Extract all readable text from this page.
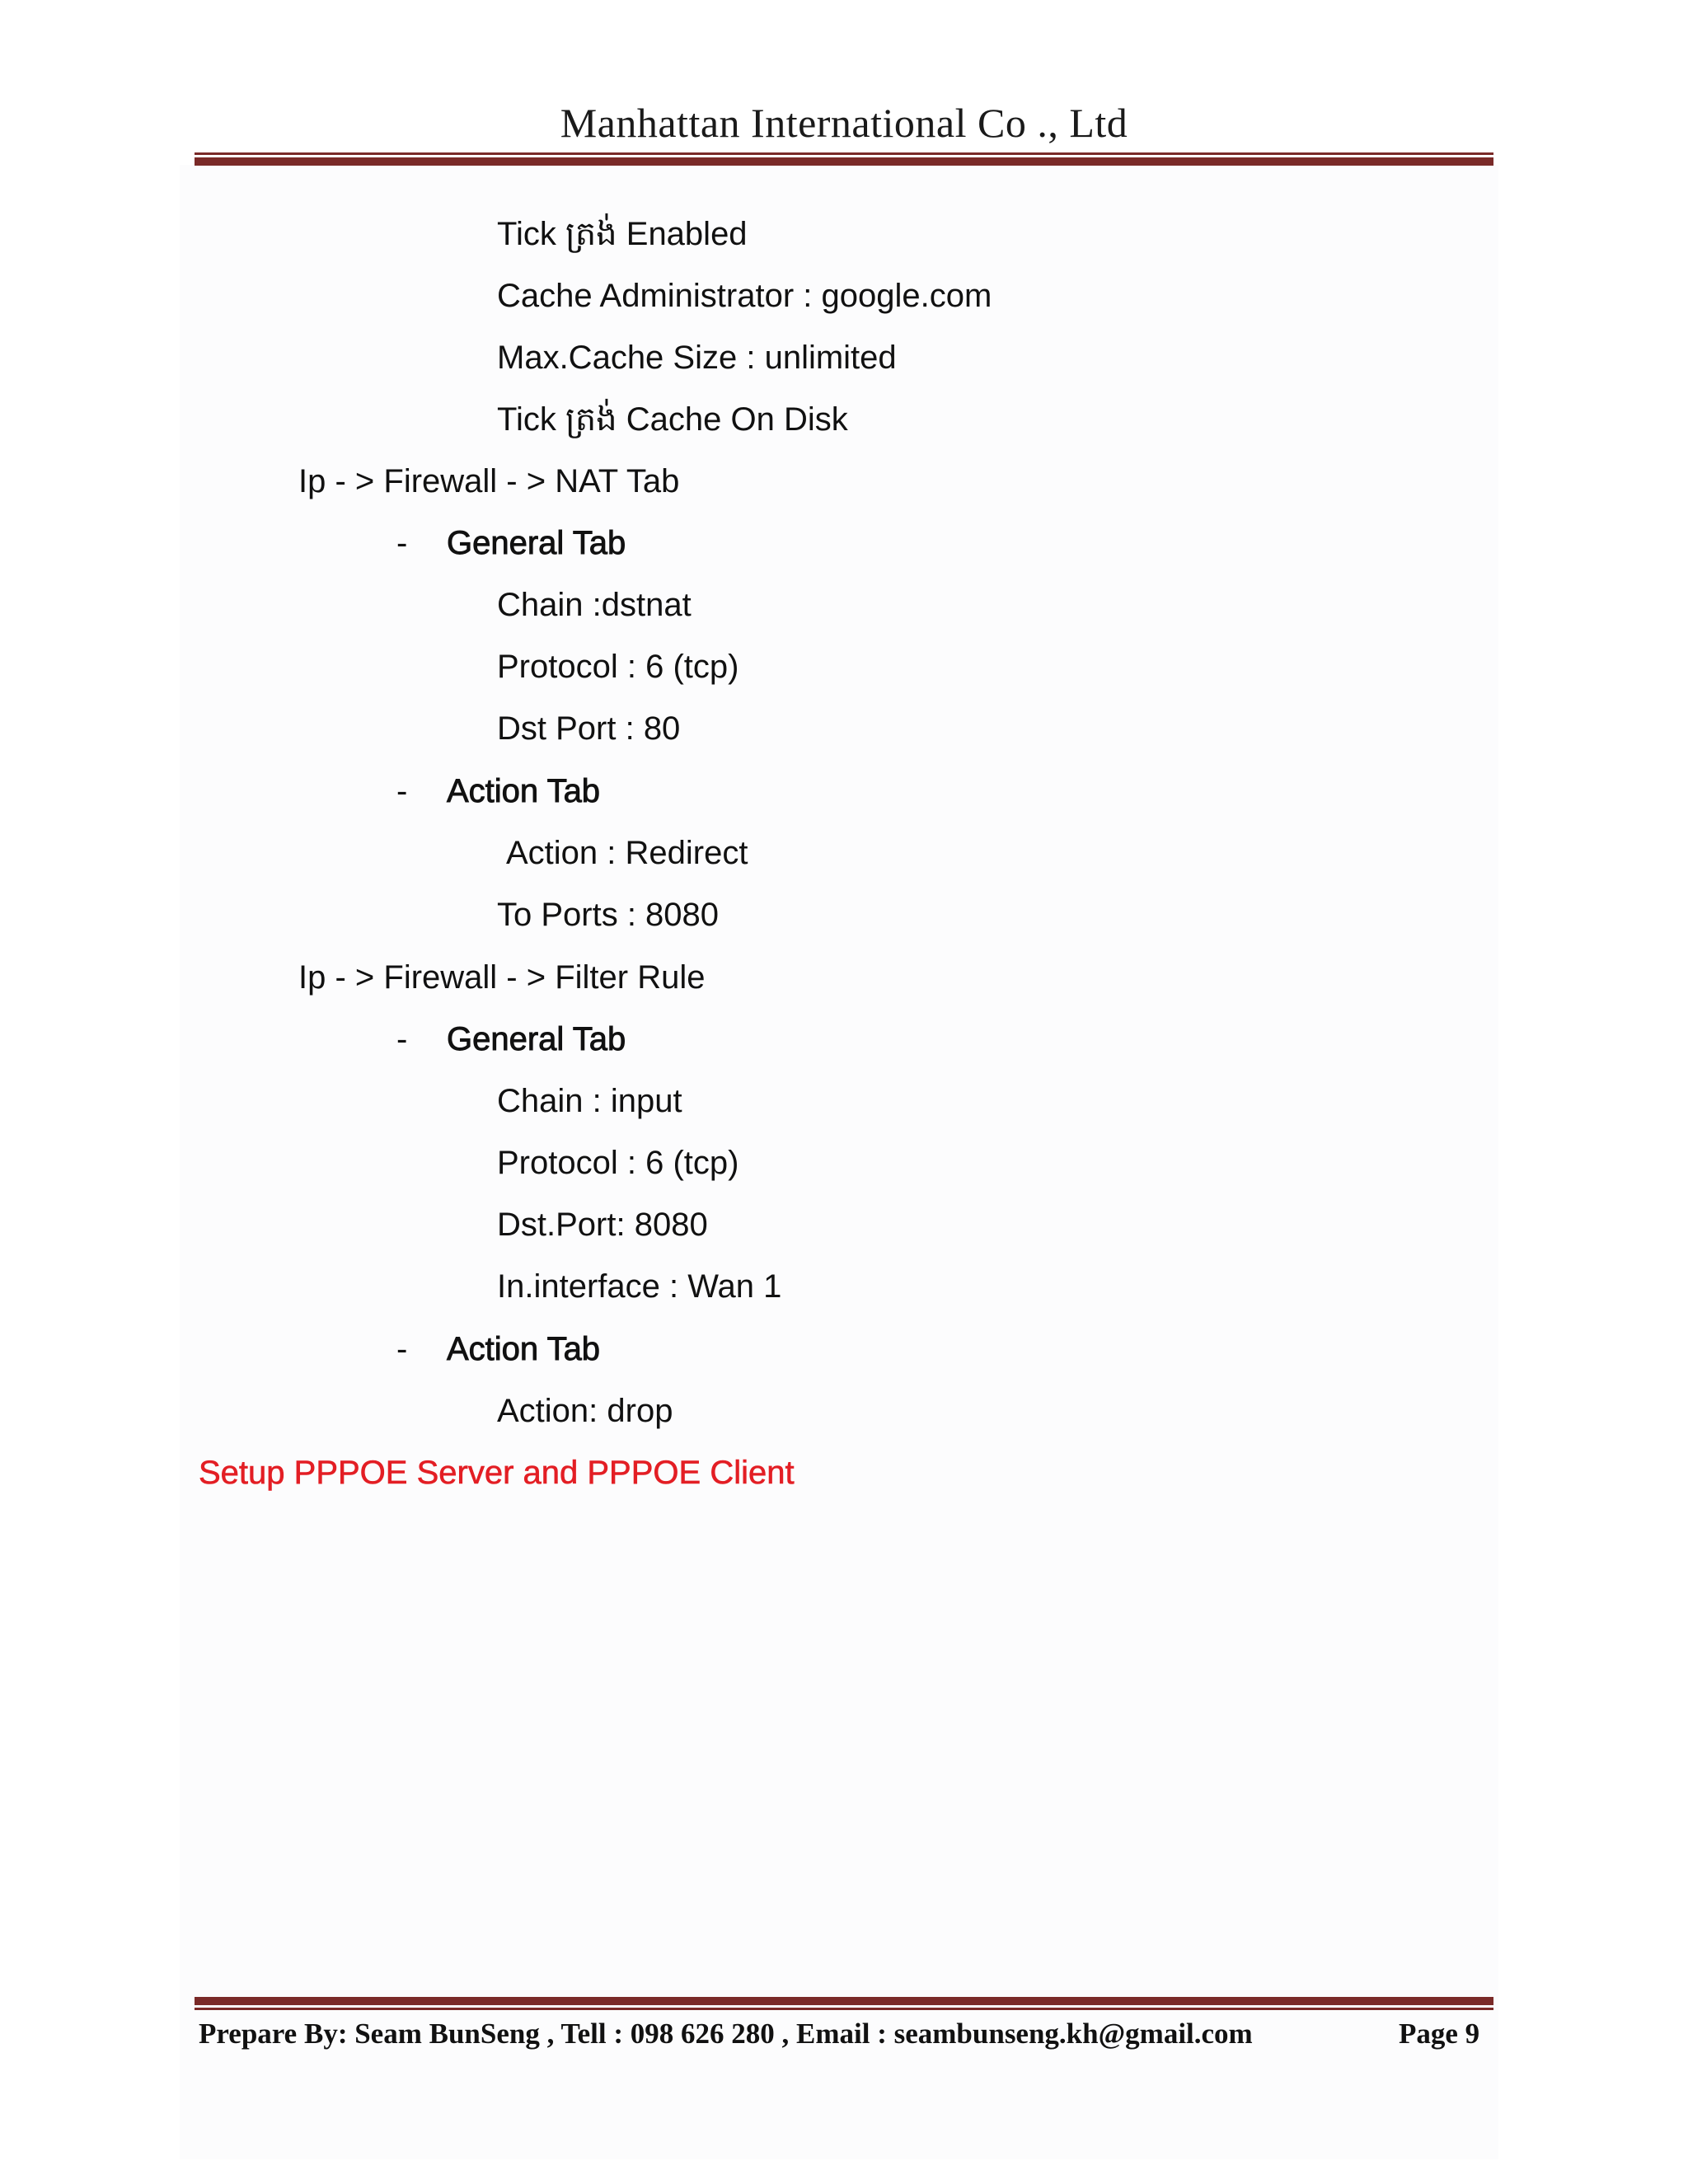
Manhattan International Co ., Ltd
Tick ត្រង់ Enabled
Cache Administrator : google.com
Max.Cache Size : unlimited
Tick ត្រង់ Cache On Disk
Ip - > Firewall - > NAT Tab
- General Tab
Chain :dstnat
Protocol : 6 (tcp)
Dst Port : 80
- Action Tab
Action : Redirect
To Ports : 8080
Ip - > Firewall - > Filter Rule
- General Tab
Chain : input
Protocol : 6 (tcp)
Dst.Port: 8080
In.interface : Wan 1
- Action Tab
Action: drop
Setup PPPOE Server and PPPOE Client
Prepare By: Seam BunSeng , Tell : 098 626 280 , Email : seambunseng.kh@gmail.com	Page 9
